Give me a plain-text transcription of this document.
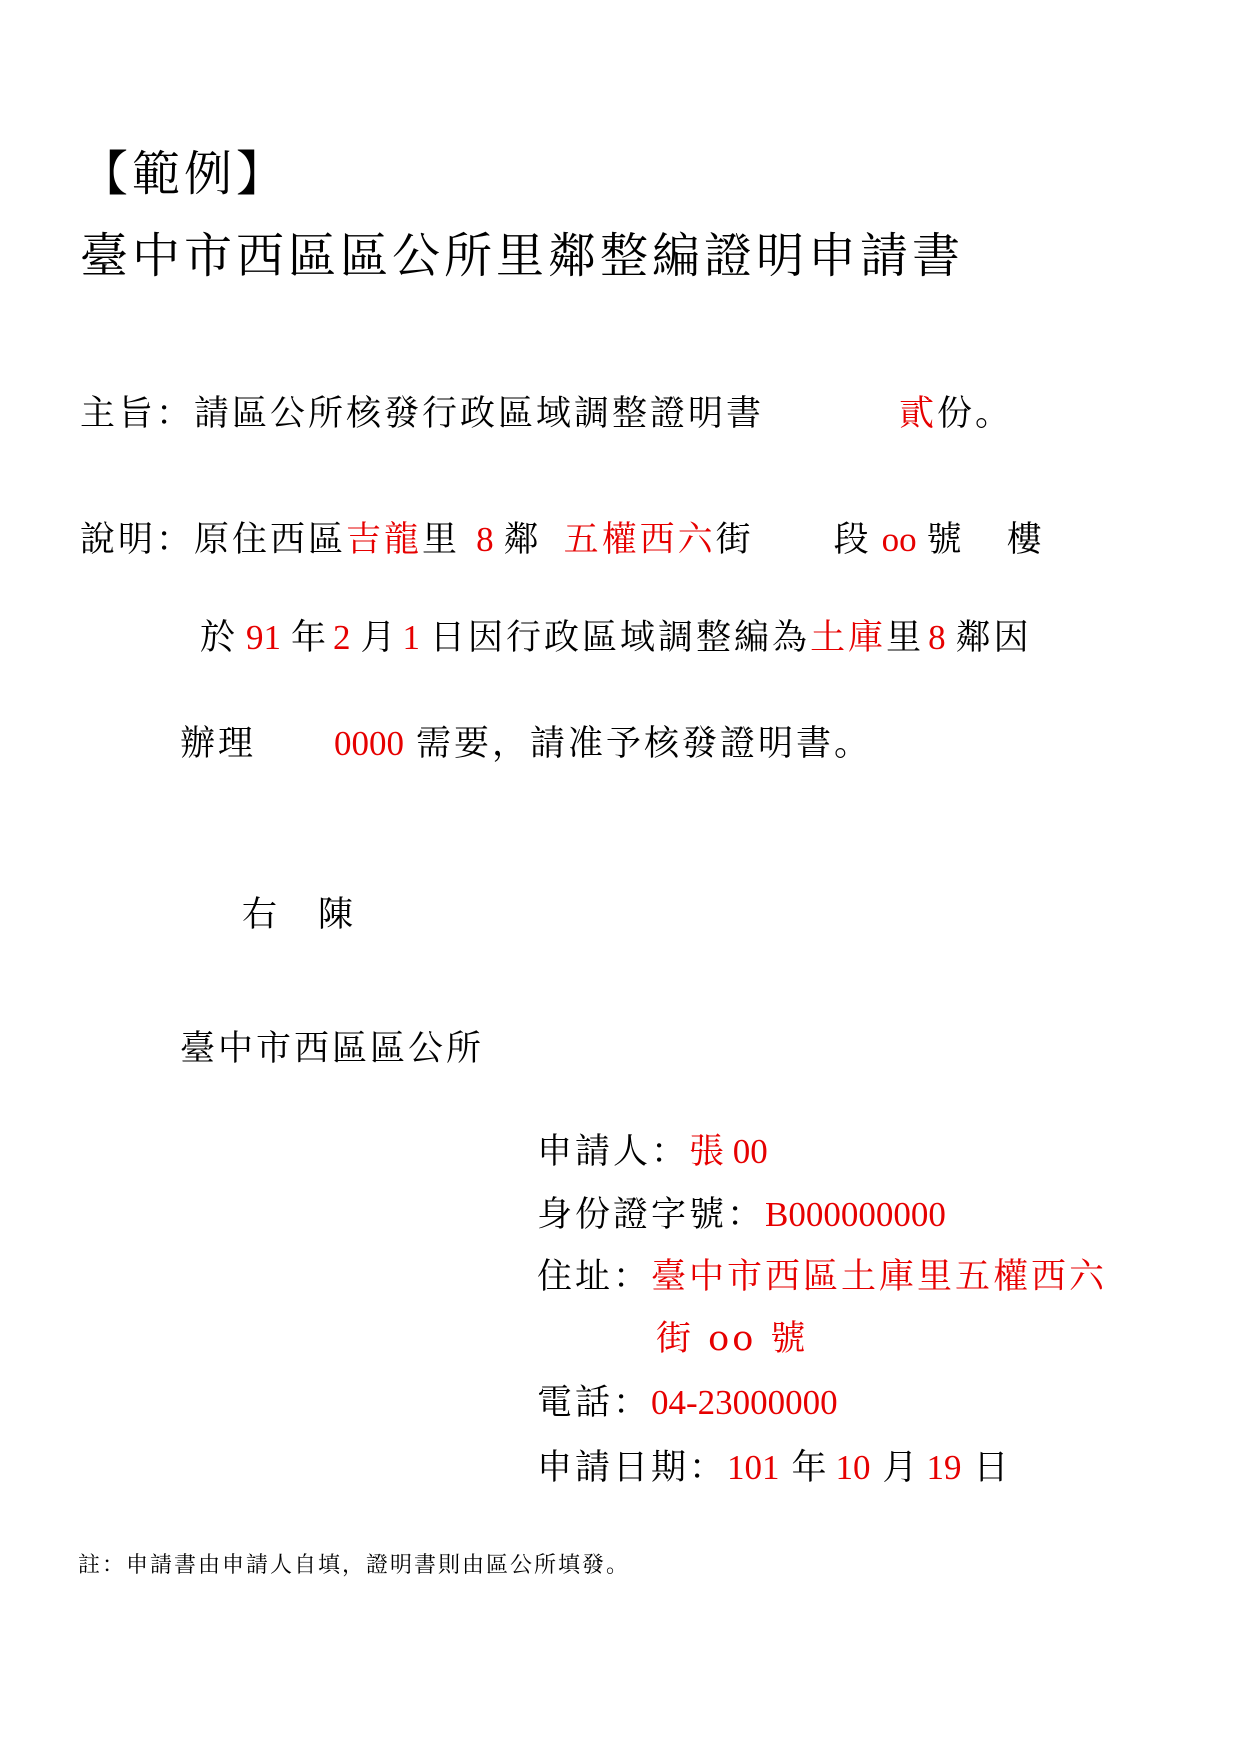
【範例】
臺中市西區區公所里鄰整編證明申請書
主旨：請區公所核發行政區域調整證明書	貳份。
說明：原住西區吉龍里 8 鄰 五權西六街 段 oo 號 樓
於 91 年 2 月 1 日因行政區域調整編為土庫里 8 鄰因
辦理 0000 需要，請准予核發證明書。
右　陳
臺中市西區區公所
申請人：張 00
身份證字號：B000000000
住址：臺中市西區土庫里五權西六
街 oo 號
電話：04-23000000
申請日期：101 年 10 月 19 日
註：申請書由申請人自填，證明書則由區公所填發。
